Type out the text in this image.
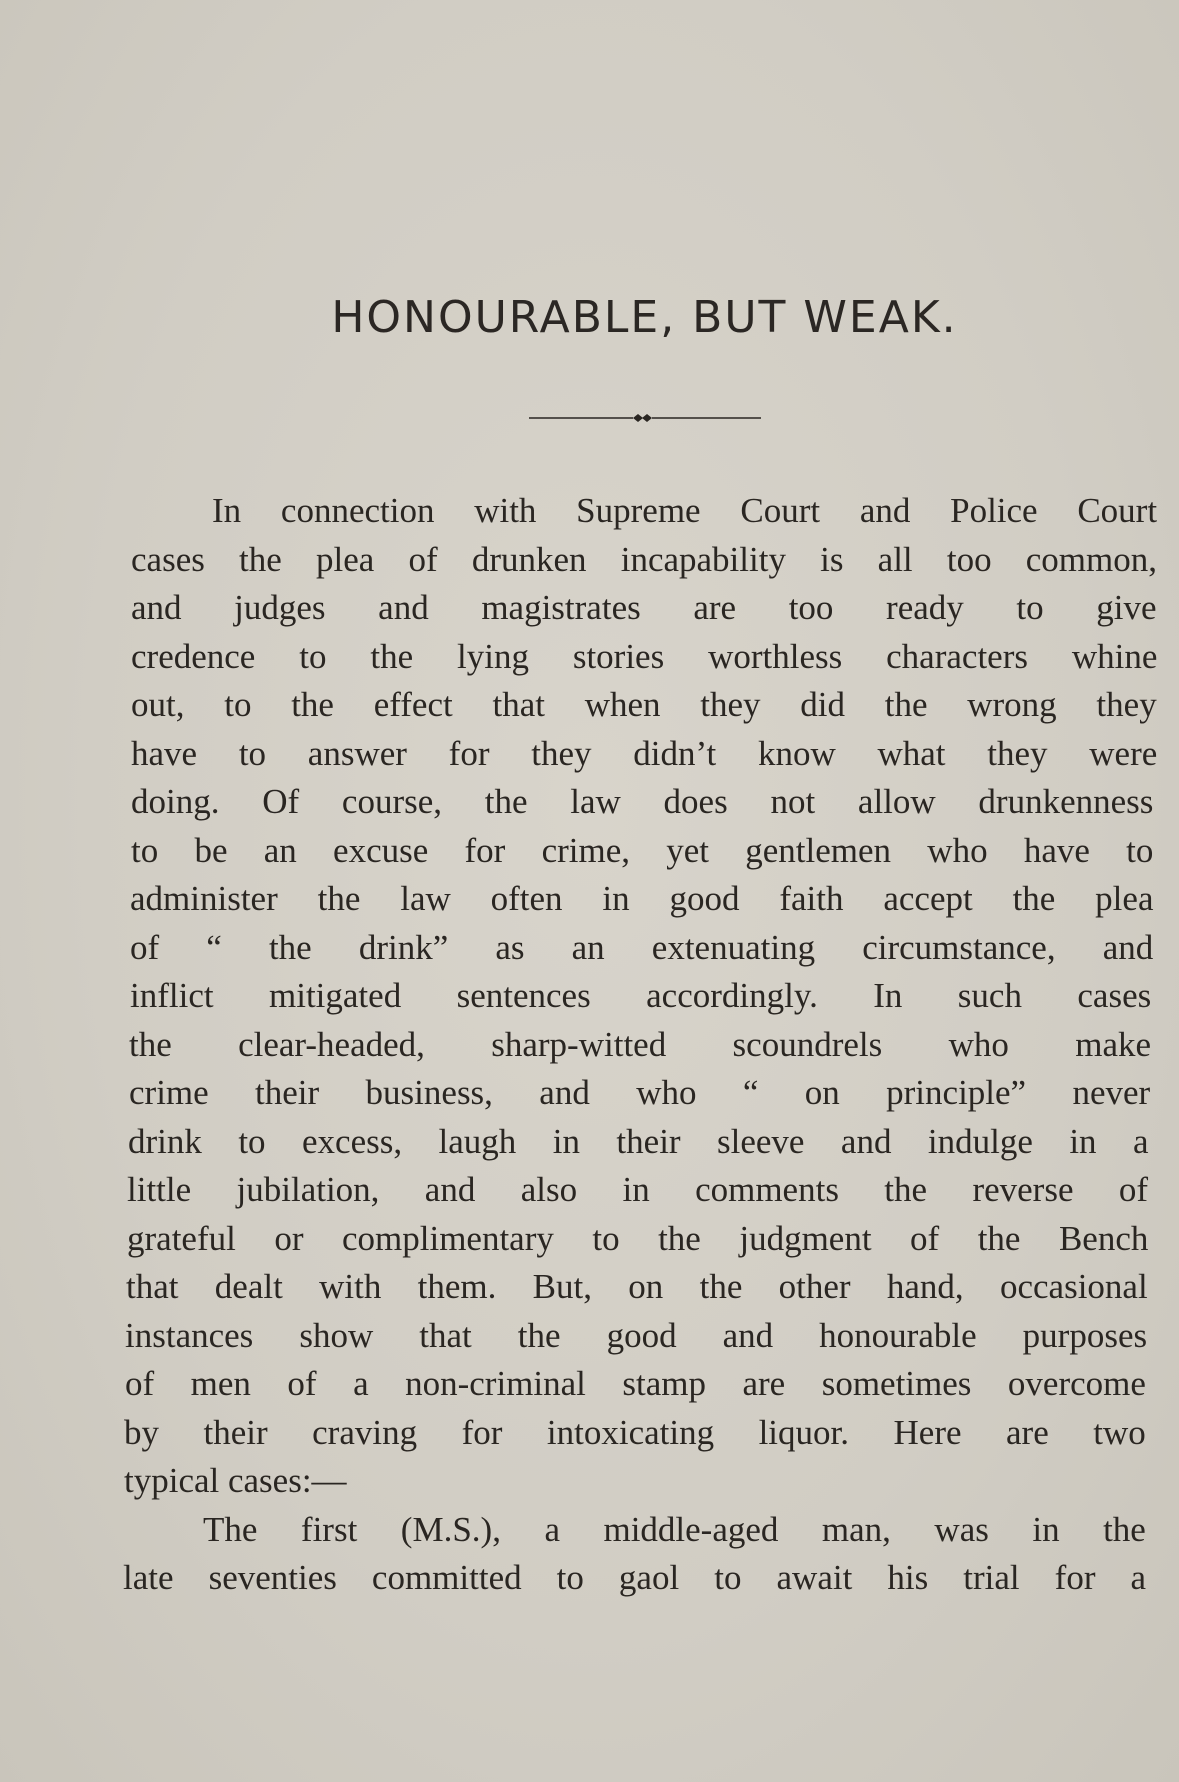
HONOURABLE, BUT WEAK.
In connection with Supreme Court and Police Court
cases the plea of drunken incapability is all too common,
and judges and magistrates are too ready to give
credence to the lying stories worthless characters whine
out, to the effect that when they did the wrong they
have to answer for they didn’t know what they were
doing. Of course, the law does not allow drunkenness
to be an excuse for crime, yet gentlemen who have to
administer the law often in good faith accept the plea
of “ the drink” as an extenuating circumstance, and
inflict mitigated sentences accordingly. In such cases
the clear-headed, sharp-witted scoundrels who make
crime their business, and who “ on principle” never
drink to excess, laugh in their sleeve and indulge in a
little jubilation, and also in comments the reverse of
grateful or complimentary to the judgment of the Bench
that dealt with them. But, on the other hand, occasional
instances show that the good and honourable purposes
of men of a non-criminal stamp are sometimes overcome
by their craving for intoxicating liquor. Here are two
typical cases:—
The first (M.S.), a middle-aged man, was in the
late seventies committed to gaol to await his trial for a
